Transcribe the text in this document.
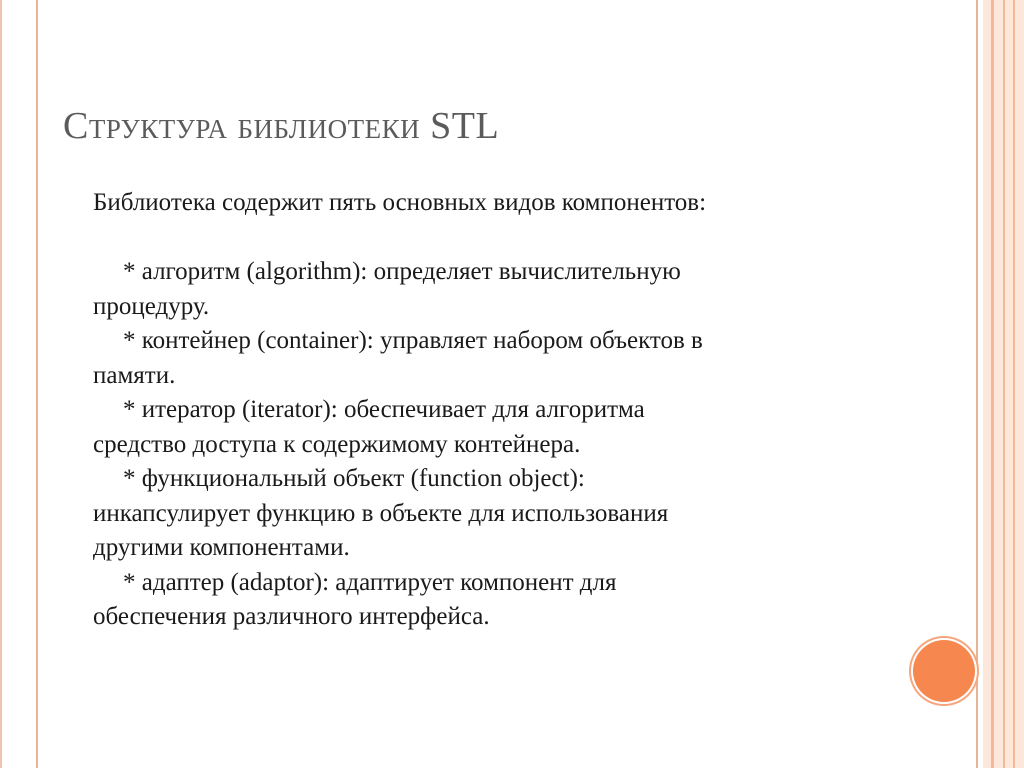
Структура библиотеки STL

Библиотека содержит пять основных видов компонентов:

* алгоритм (algorithm): определяет вычислительную

процедуру.

* контейнер (container): управляет набором объектов в

памяти.

* итератор (iterator): обеспечивает для алгоритма

средство доступа к содержимому контейнера.

* функциональный объект (function object):

инкапсулирует функцию в объекте для использования

другими компонентами.

* адаптер (adaptor): адаптирует компонент для

обеспечения различного интерфейса.
